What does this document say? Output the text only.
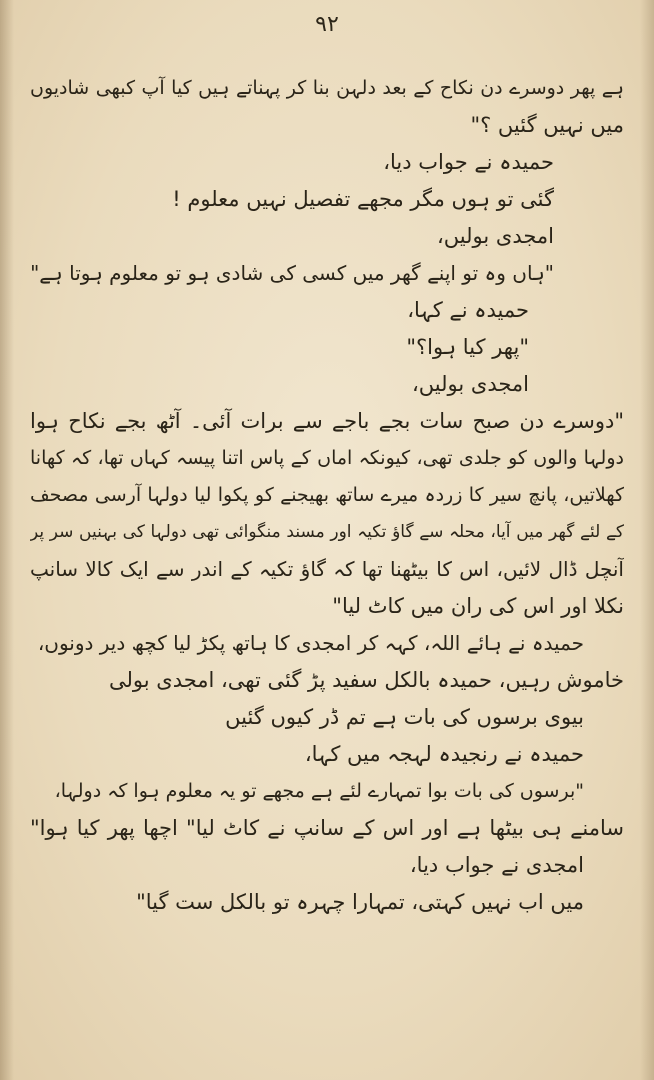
۹۲
ہے پھر دوسرے دن نکاح کے بعد دلہن بنا کر پہناتے ہیں کیا آپ کبھی شادیوں
میں نہیں گئیں ؟"
حمیدہ نے جواب دیا،
گئی تو ہوں مگر مجھے تفصیل نہیں معلوم !
امجدی بولیں،
"ہاں وہ تو اپنے گھر میں کسی کی شادی ہو تو معلوم ہوتا ہے"
حمیدہ نے کہا،
"پھر کیا ہوا؟"
امجدی بولیں،
"دوسرے دن صبح سات بجے باجے سے برات آئی۔ آٹھ بجے نکاح ہوا
دولہا والوں کو جلدی تھی، کیونکہ اماں کے پاس اتنا پیسہ کہاں تھا، کہ کھانا
کھلاتیں، پانچ سیر کا زردہ میرے ساتھ بھیجنے کو پکوا لیا دولہا آرسی مصحف
کے لئے گھر میں آیا، محلہ سے گاؤ تکیہ اور مسند منگوائی تھی دولہا کی بہنیں سر پر
آنچل ڈال لائیں، اس کا بیٹھنا تھا کہ گاؤ تکیہ کے اندر سے ایک کالا سانپ
نکلا اور اس کی ران میں کاٹ لیا"
حمیدہ نے ہائے اللہ، کہہ کر امجدی کا ہاتھ پکڑ لیا کچھ دیر دونوں،
خاموش رہیں، حمیدہ بالکل سفید پڑ گئی تھی، امجدی بولی
بیوی برسوں کی بات ہے تم ڈر کیوں گئیں
حمیدہ نے رنجیدہ لہجہ میں کہا،
"برسوں کی بات بوا تمہارے لئے ہے مجھے تو یہ معلوم ہوا کہ دولہا،
سامنے ہی بیٹھا ہے اور اس کے سانپ نے کاٹ لیا" اچھا پھر کیا ہوا"
امجدی نے جواب دیا،
میں اب نہیں کہتی، تمہارا چہرہ تو بالکل ست گیا"
